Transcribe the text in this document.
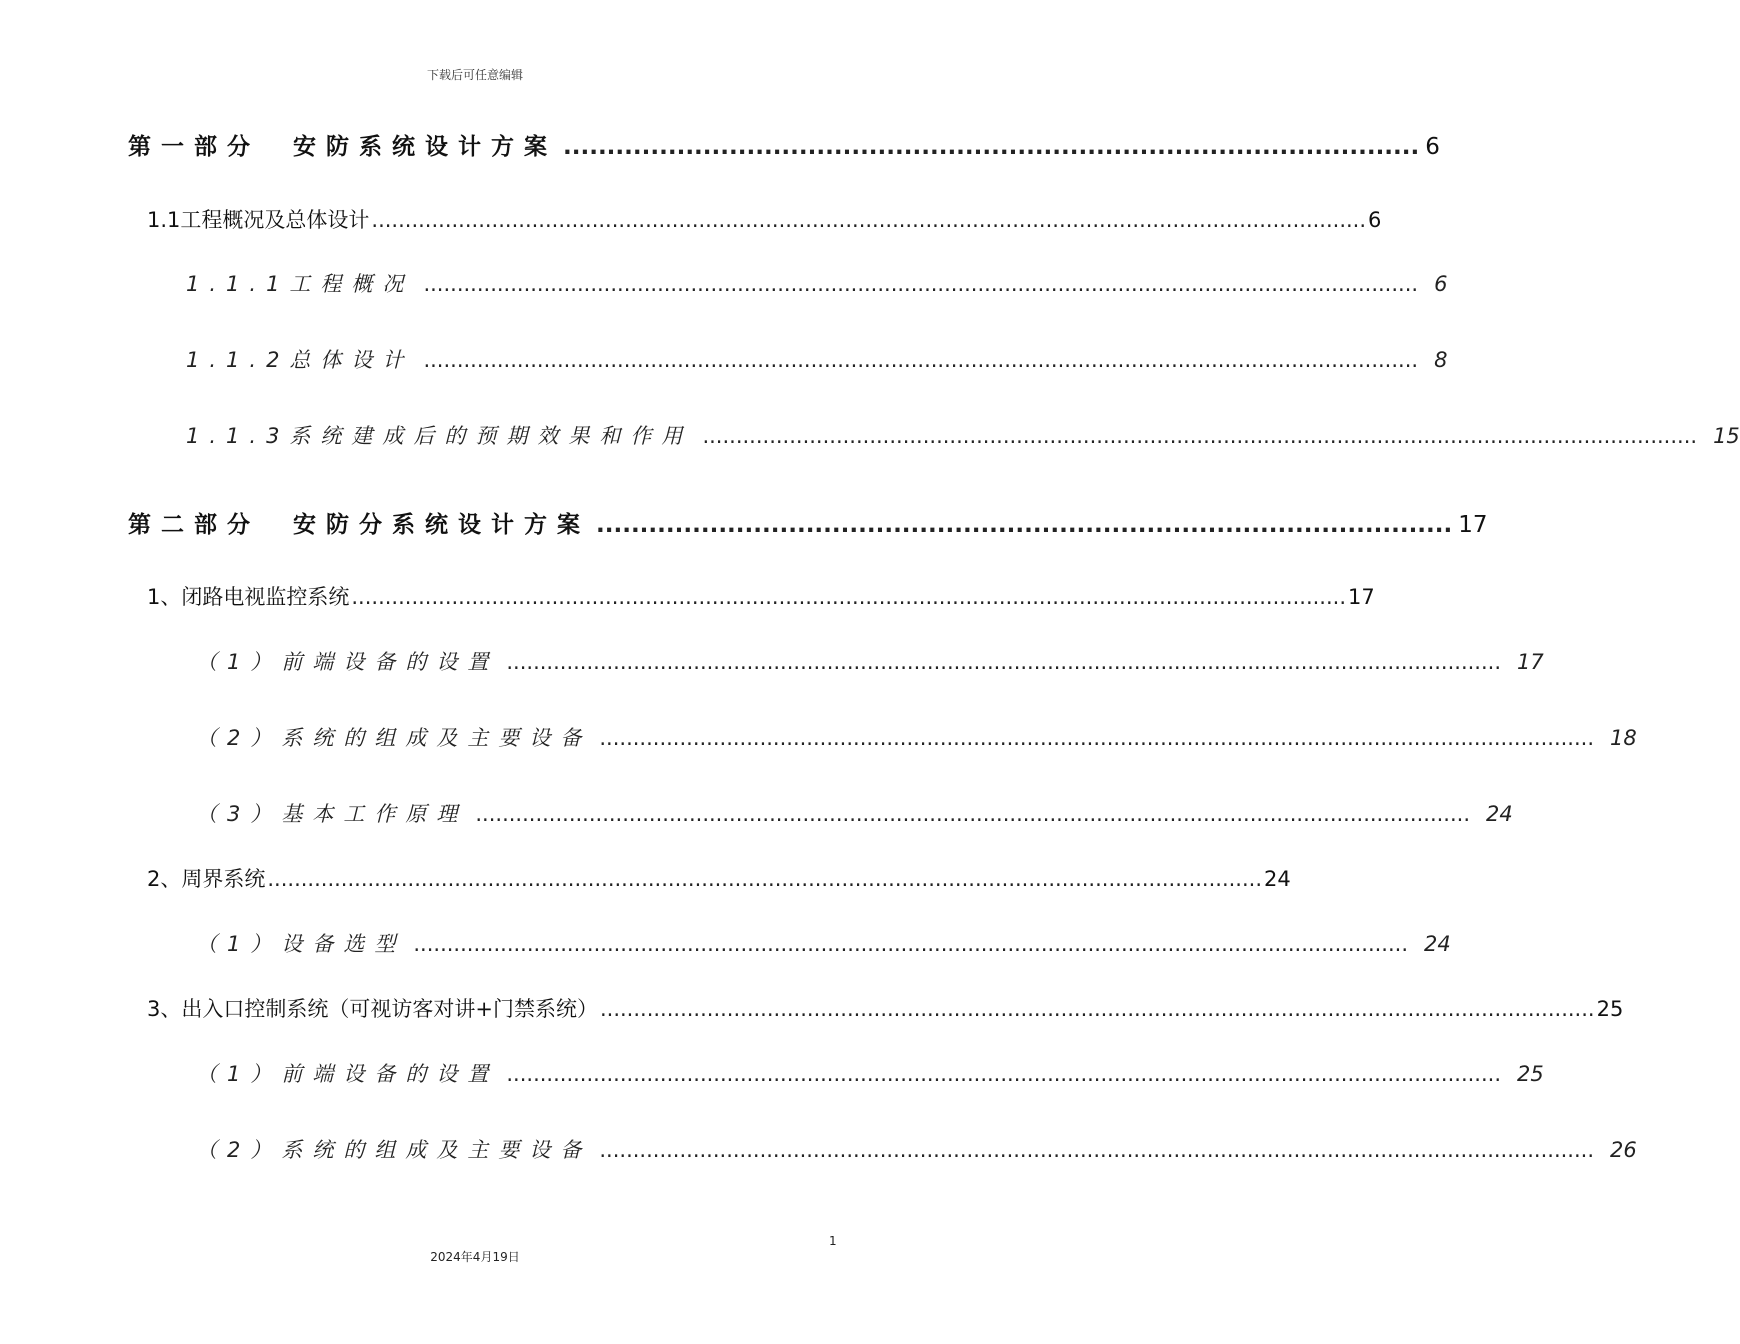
下载后可任意编辑
第一部分　安防系统设计方案 .................................................................................................. 6
1.1工程概况及总体设计 ..................................................................................................................................................... 6
1.1.1工程概况 ..................................................................................................................................................... 6
1.1.2总体设计 ..................................................................................................................................................... 8
1.1.3系统建成后的预期效果和作用 ..................................................................................................................................................... 15
第二部分　安防分系统设计方案 .................................................................................................. 17
1、闭路电视监控系统 ..................................................................................................................................................... 17
（1）前端设备的设置 ..................................................................................................................................................... 17
（2）系统的组成及主要设备 ..................................................................................................................................................... 18
（3）基本工作原理 ..................................................................................................................................................... 24
2、周界系统 ..................................................................................................................................................... 24
（1）设备选型 ..................................................................................................................................................... 24
3、出入口控制系统（可视访客对讲+门禁系统） ..................................................................................................................................................... 25
（1）前端设备的设置 ..................................................................................................................................................... 25
（2）系统的组成及主要设备 ..................................................................................................................................................... 26
1
2024年4月19日
